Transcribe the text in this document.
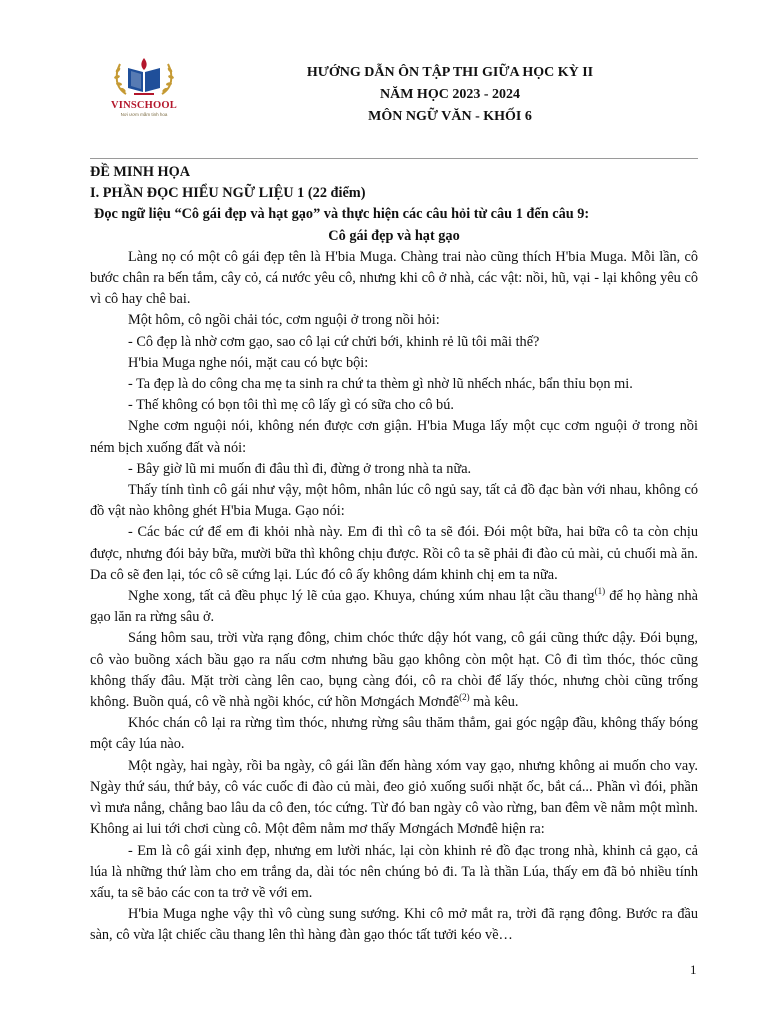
VINSCHOOL
Nơi ươm mầm tinh hoa
HƯỚNG DẪN ÔN TẬP THI GIỮA HỌC KỲ II
NĂM HỌC 2023 - 2024
MÔN NGỮ VĂN - KHỐI 6
ĐỀ MINH HỌA
I. PHẦN ĐỌC HIỂU NGỮ LIỆU 1 (22 điểm)
Đọc ngữ liệu “Cô gái đẹp và hạt gạo” và thực hiện các câu hỏi từ câu 1 đến câu 9:
Cô gái đẹp và hạt gạo
Làng nọ có một cô gái đẹp tên là H'bia Muga. Chàng trai nào cũng thích H'bia Muga. Mỗi lần, cô bước chân ra bến tắm, cây cỏ, cá nước yêu cô, nhưng khi cô ở nhà, các vật: nồi, hũ, vại - lại không yêu cô vì cô hay chê bai.
Một hôm, cô ngồi chải tóc, cơm nguội ở trong nồi hỏi:
- Cô đẹp là nhờ cơm gạo, sao cô lại cứ chửi bới, khinh rẻ lũ tôi mãi thế?
H'bia Muga nghe nói, mặt cau có bực bội:
- Ta đẹp là do công cha mẹ ta sinh ra chứ ta thèm gì nhờ lũ nhếch nhác, bẩn thỉu bọn mi.
- Thế không có bọn tôi thì mẹ cô lấy gì có sữa cho cô bú.
Nghe cơm nguội nói, không nén được cơn giận. H'bia Muga lấy một cục cơm nguội ở trong nồi ném bịch xuống đất và nói:
- Bây giờ lũ mi muốn đi đâu thì đi, đừng ở trong nhà ta nữa.
Thấy tính tình cô gái như vậy, một hôm, nhân lúc cô ngủ say, tất cả đồ đạc bàn với nhau, không có đồ vật nào không ghét H'bia Muga. Gạo nói:
- Các bác cứ để em đi khỏi nhà này. Em đi thì cô ta sẽ đói. Đói một bữa, hai bữa cô ta còn chịu được, nhưng đói bảy bữa, mười bữa thì không chịu được. Rồi cô ta sẽ phải đi đào củ mài, củ chuối mà ăn. Da cô sẽ đen lại, tóc cô sẽ cứng lại. Lúc đó cô ấy không dám khinh chị em ta nữa.
Nghe xong, tất cả đều phục lý lẽ của gạo. Khuya, chúng xúm nhau lật cầu thang$^{(1)}$ để họ hàng nhà gạo lăn ra rừng sâu ở.
Sáng hôm sau, trời vừa rạng đông, chim chóc thức dậy hót vang, cô gái cũng thức dậy. Đói bụng, cô vào buồng xách bầu gạo ra nấu cơm nhưng bầu gạo không còn một hạt. Cô đi tìm thóc, thóc cũng không thấy đâu. Mặt trời càng lên cao, bụng càng đói, cô ra chòi để lấy thóc, nhưng chòi cũng trống không. Buồn quá, cô về nhà ngồi khóc, cứ hồn Mơngách Mơnđê$^{(2)}$ mà kêu.
Khóc chán cô lại ra rừng tìm thóc, nhưng rừng sâu thăm thẳm, gai góc ngập đầu, không thấy bóng một cây lúa nào.
Một ngày, hai ngày, rồi ba ngày, cô gái lần đến hàng xóm vay gạo, nhưng không ai muốn cho vay. Ngày thứ sáu, thứ bảy, cô vác cuốc đi đào củ mài, đeo giỏ xuống suối nhặt ốc, bắt cá... Phần vì đói, phần vì mưa nắng, chẳng bao lâu da cô đen, tóc cứng. Từ đó ban ngày cô vào rừng, ban đêm về nằm một mình. Không ai lui tới chơi cùng cô. Một đêm nằm mơ thấy Mơngách Mơnđê hiện ra:
- Em là cô gái xinh đẹp, nhưng em lười nhác, lại còn khinh rẻ đồ đạc trong nhà, khinh cả gạo, cả lúa là những thứ làm cho em trắng da, dài tóc nên chúng bỏ đi. Ta là thần Lúa, thấy em đã bỏ nhiều tính xấu, ta sẽ bảo các con ta trở về với em.
H'bia Muga nghe vậy thì vô cùng sung sướng. Khi cô mở mắt ra, trời đã rạng đông. Bước ra đầu sàn, cô vừa lật chiếc cầu thang lên thì hàng đàn gạo thóc tất tưởi kéo về…
1
